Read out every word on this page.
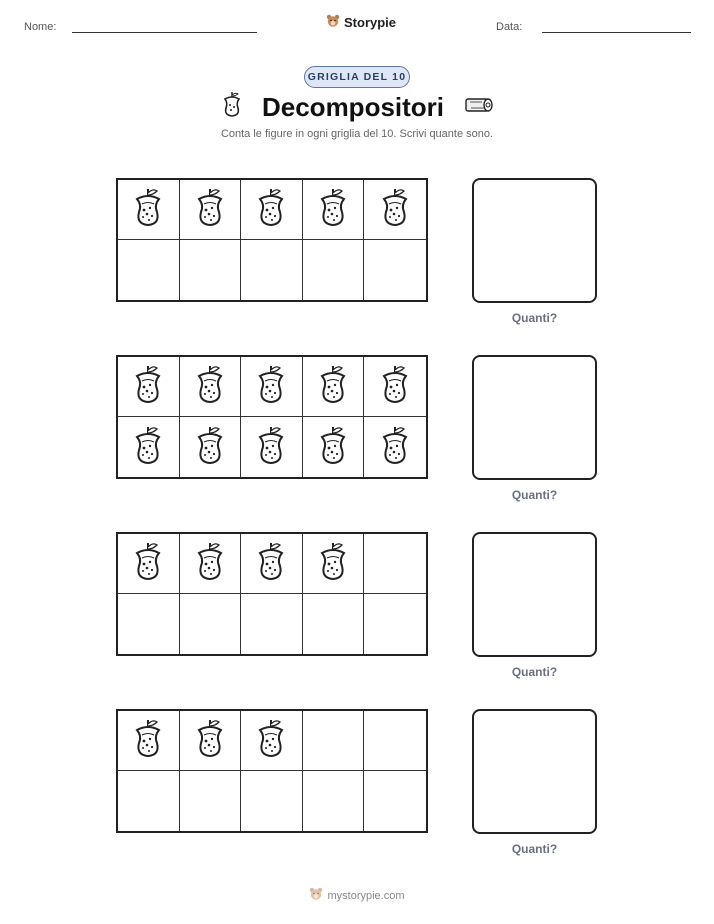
Nome:	Storypie	Data:
GRIGLIA DEL 10
Decompositori
Conta le figure in ogni griglia del 10. Scrivi quante sono.
Quanti?
Quanti?
Quanti?
Quanti?
mystorypie.com
